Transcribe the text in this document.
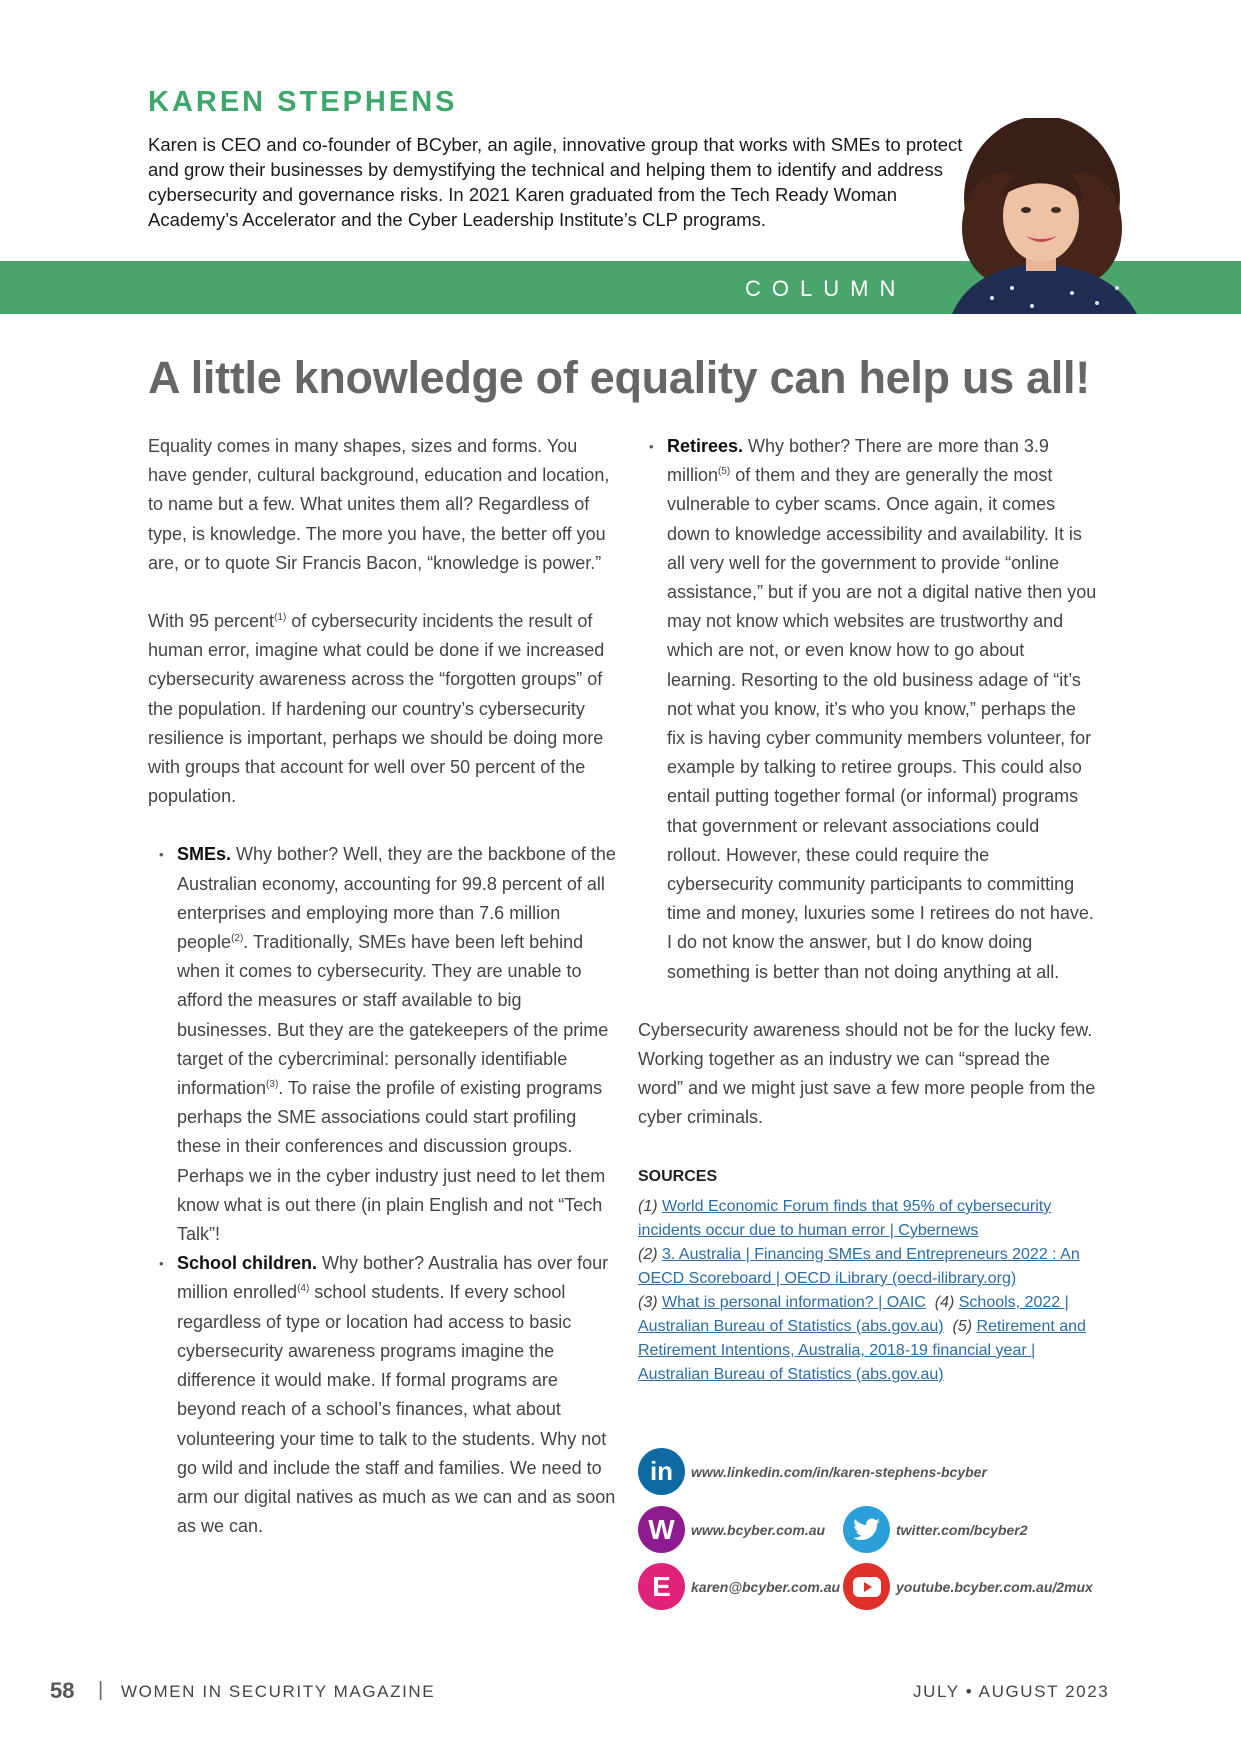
KAREN STEPHENS

Karen is CEO and co-founder of BCyber, an agile, innovative group that works with SMEs to protect and grow their businesses by demystifying the technical and helping them to identify and address cybersecurity and governance risks. In 2021 Karen graduated from the Tech Ready Woman Academy’s Accelerator and the Cyber Leadership Institute’s CLP programs.

COLUMN
A little knowledge of equality can help us all!

Equality comes in many shapes, sizes and forms. You have gender, cultural background, education and location, to name but a few. What unites them all? Regardless of type, is knowledge. The more you have, the better off you are, or to quote Sir Francis Bacon, “knowledge is power.”

With 95 percent$^{(1)}$ of cybersecurity incidents the result of human error, imagine what could be done if we increased cybersecurity awareness across the “forgotten groups” of the population. If hardening our country’s cybersecurity resilience is important, perhaps we should be doing more with groups that account for well over 50 percent of the population.

• SMEs. Why bother? Well, they are the backbone of the Australian economy, accounting for 99.8 percent of all enterprises and employing more than 7.6 million people$^{(2)}$. Traditionally, SMEs have been left behind when it comes to cybersecurity. They are unable to afford the measures or staff available to big businesses. But they are the gatekeepers of the prime target of the cybercriminal: personally identifiable information$^{(3)}$. To raise the profile of existing programs perhaps the SME associations could start profiling these in their conferences and discussion groups. Perhaps we in the cyber industry just need to let them know what is out there (in plain English and not “Tech Talk”!
• School children. Why bother? Australia has over four million enrolled$^{(4)}$ school students. If every school regardless of type or location had access to basic cybersecurity awareness programs imagine the difference it would make. If formal programs are beyond reach of a school’s finances, what about volunteering your time to talk to the students. Why not go wild and include the staff and families. We need to arm our digital natives as much as we can and as soon as we can.
• Retirees. Why bother? There are more than 3.9 million$^{(5)}$ of them and they are generally the most vulnerable to cyber scams. Once again, it comes down to knowledge accessibility and availability. It is all very well for the government to provide “online assistance,” but if you are not a digital native then you may not know which websites are trustworthy and which are not, or even know how to go about learning. Resorting to the old business adage of “it’s not what you know, it’s who you know,” perhaps the fix is having cyber community members volunteer, for example by talking to retiree groups. This could also entail putting together formal (or informal) programs that government or relevant associations could rollout. However, these could require the cybersecurity community participants to committing time and money, luxuries some I retirees do not have. I do not know the answer, but I do know doing something is better than not doing anything at all.

Cybersecurity awareness should not be for the lucky few. Working together as an industry we can “spread the word” and we might just save a few more people from the cyber criminals.

SOURCES
(1) World Economic Forum finds that 95% of cybersecurity incidents occur due to human error | Cybernews
(2) 3. Australia | Financing SMEs and Entrepreneurs 2022 : An OECD Scoreboard | OECD iLibrary (oecd-ilibrary.org)
(3) What is personal information? | OAIC (4) Schools, 2022 | Australian Bureau of Statistics (abs.gov.au) (5) Retirement and Retirement Intentions, Australia, 2018-19 financial year | Australian Bureau of Statistics (abs.gov.au)
in	www.linkedin.com/in/karen-stephens-bcyber
W	www.bcyber.com.au	twitter.com/bcyber2
E	karen@bcyber.com.au	youtube.bcyber.com.au/2mux
58 | WOMEN IN SECURITY MAGAZINE	JULY • AUGUST 2023
